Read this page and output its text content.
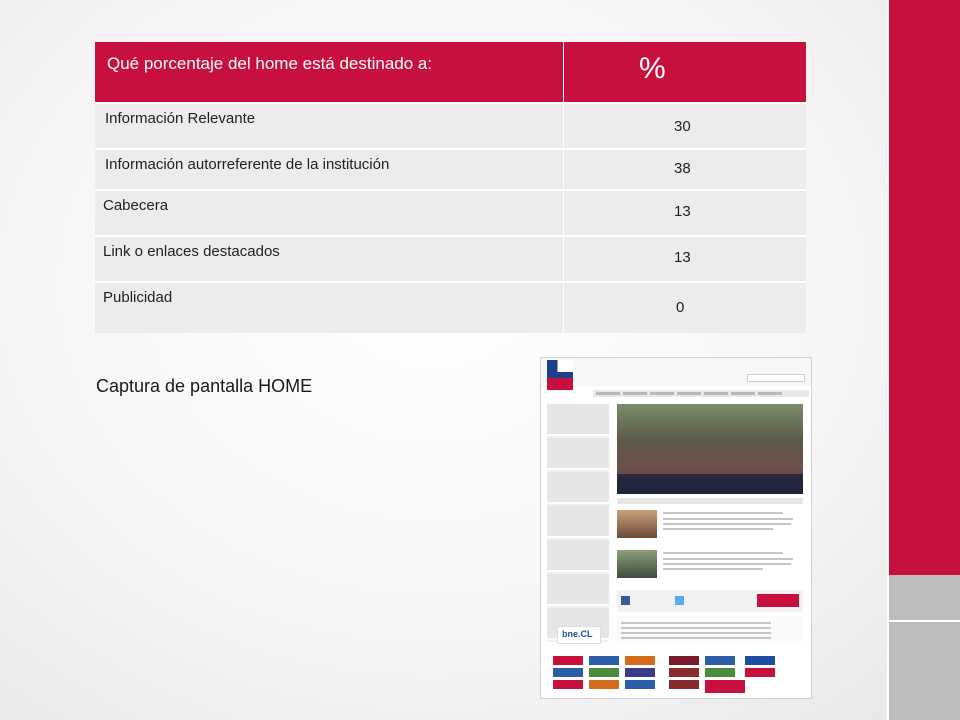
Qué porcentaje del home está destinado a:	%

Información Relevante	30

Información autorreferente de la institución	38

Cabecera	13

Link o enlaces destacados	13

Publicidad	0
Captura de pantalla HOME
bne.CL
